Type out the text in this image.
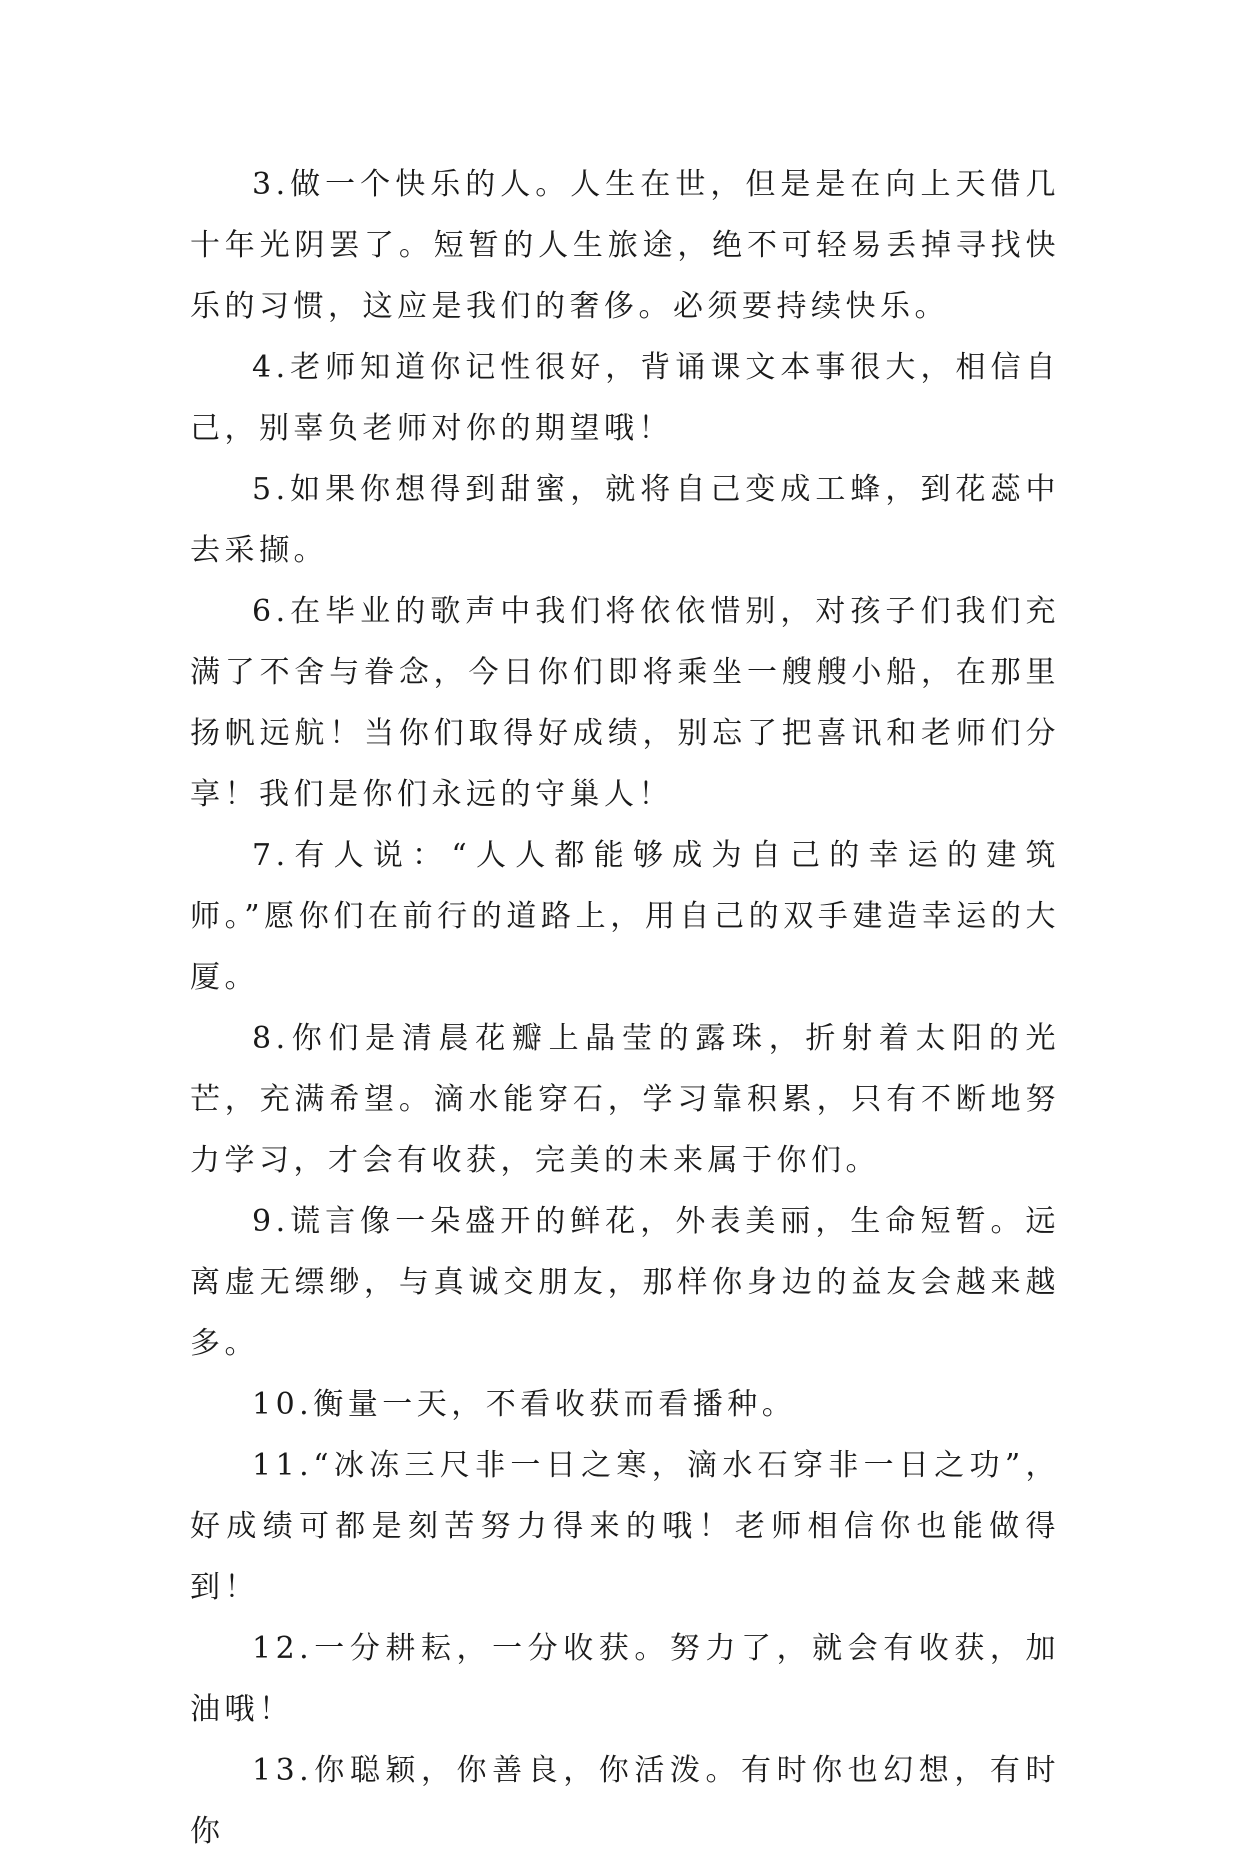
3.做一个快乐的人。人生在世，但是是在向上天借几十年光阴罢了。短暂的人生旅途，绝不可轻易丢掉寻找快乐的习惯，这应是我们的奢侈。必须要持续快乐。

4.老师知道你记性很好，背诵课文本事很大，相信自己，别辜负老师对你的期望哦！

5.如果你想得到甜蜜，就将自己变成工蜂，到花蕊中去采撷。

6.在毕业的歌声中我们将依依惜别，对孩子们我们充满了不舍与眷念，今日你们即将乘坐一艘艘小船，在那里扬帆远航！当你们取得好成绩，别忘了把喜讯和老师们分享！我们是你们永远的守巢人！

7.有人说：“人人都能够成为自己的幸运的建筑师。”愿你们在前行的道路上，用自己的双手建造幸运的大厦。

8.你们是清晨花瓣上晶莹的露珠，折射着太阳的光芒，充满希望。滴水能穿石，学习靠积累，只有不断地努力学习，才会有收获，完美的未来属于你们。

9.谎言像一朵盛开的鲜花，外表美丽，生命短暂。远离虚无缥缈，与真诚交朋友，那样你身边的益友会越来越多。

10.衡量一天，不看收获而看播种。

11.“冰冻三尺非一日之寒，滴水石穿非一日之功”，好成绩可都是刻苦努力得来的哦！老师相信你也能做得到！

12.一分耕耘，一分收获。努力了，就会有收获，加油哦！

13.你聪颖，你善良，你活泼。有时你也幻想，有时你
